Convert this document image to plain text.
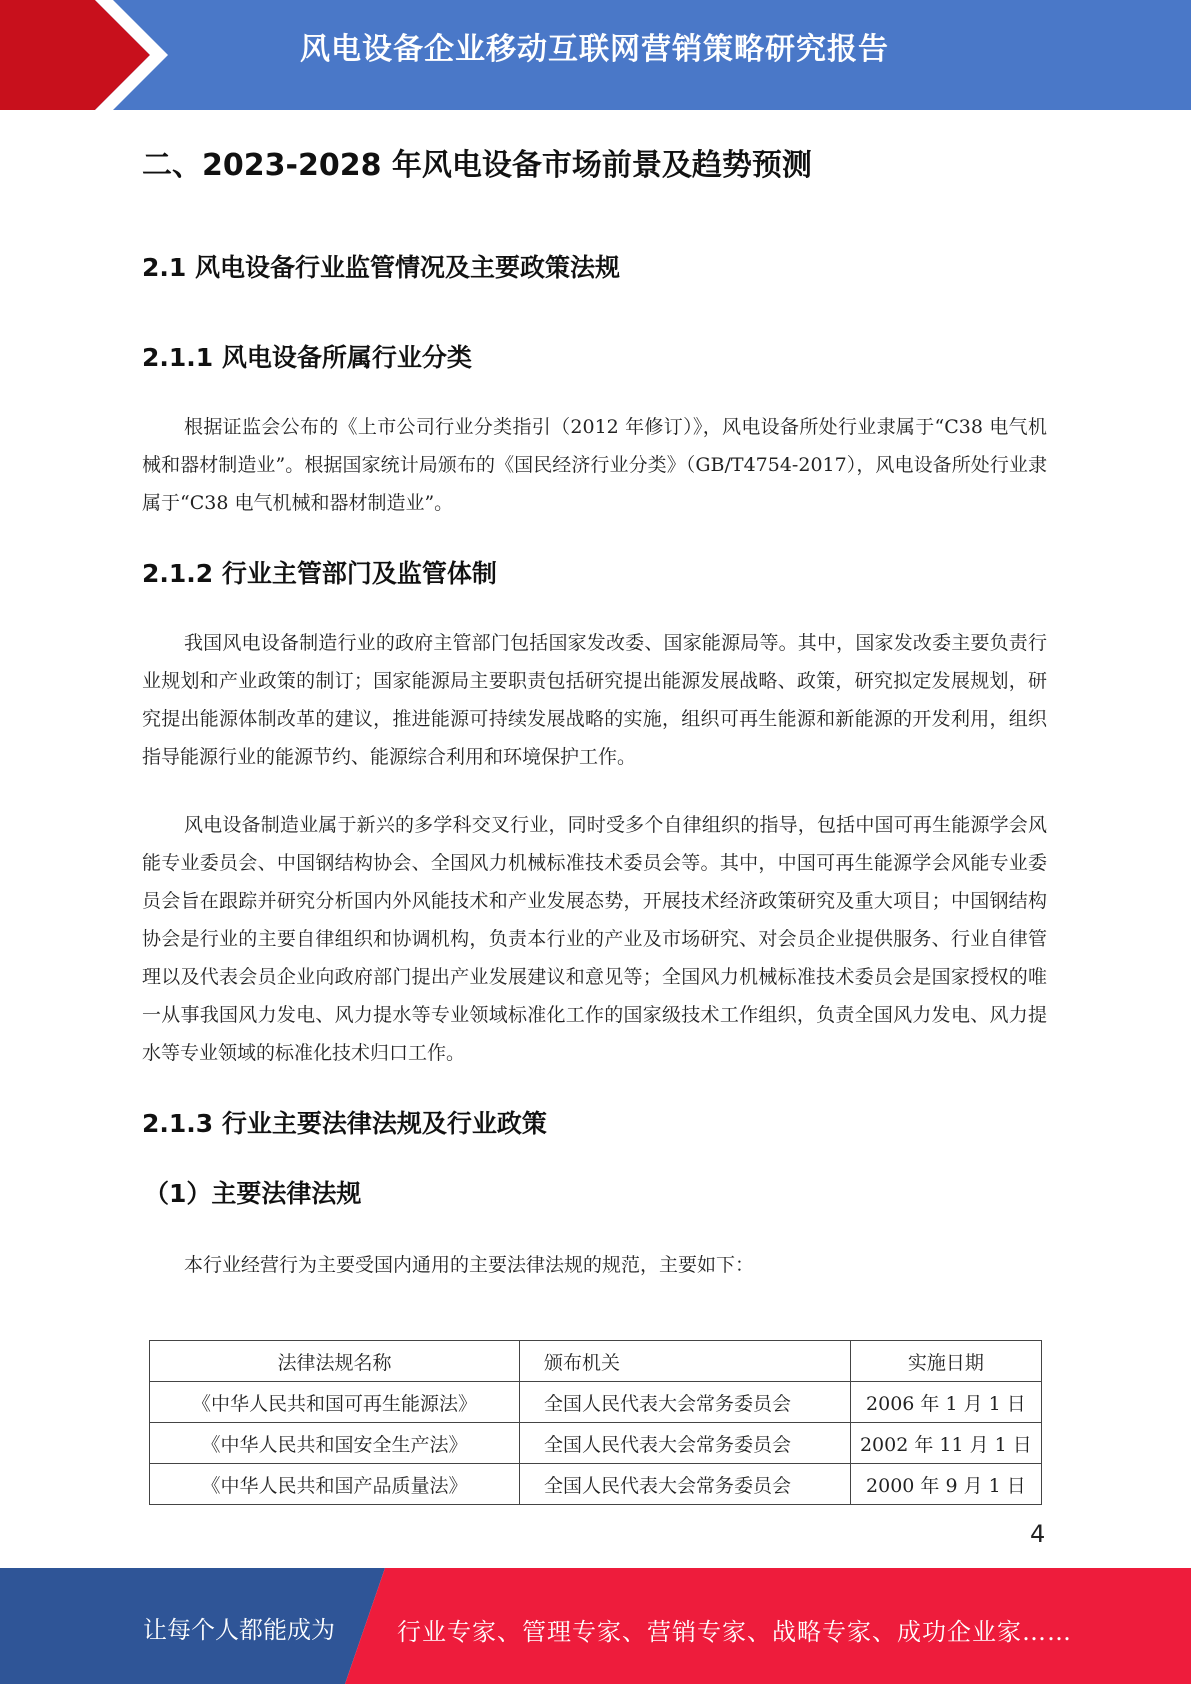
风电设备企业移动互联网营销策略研究报告
二、2023-2028 年风电设备市场前景及趋势预测
2.1 风电设备行业监管情况及主要政策法规
2.1.1 风电设备所属行业分类
根据证监会公布的《上市公司行业分类指引（2012 年修订）》，风电设备所处行业隶属于“C38 电气机械和器材制造业”。根据国家统计局颁布的《国民经济行业分类》（GB/T4754-2017），风电设备所处行业隶属于“C38 电气机械和器材制造业”。
2.1.2 行业主管部门及监管体制
我国风电设备制造行业的政府主管部门包括国家发改委、国家能源局等。其中，国家发改委主要负责行业规划和产业政策的制订；国家能源局主要职责包括研究提出能源发展战略、政策，研究拟定发展规划，研究提出能源体制改革的建议，推进能源可持续发展战略的实施，组织可再生能源和新能源的开发利用，组织指导能源行业的能源节约、能源综合利用和环境保护工作。
风电设备制造业属于新兴的多学科交叉行业，同时受多个自律组织的指导，包括中国可再生能源学会风能专业委员会、中国钢结构协会、全国风力机械标准技术委员会等。其中，中国可再生能源学会风能专业委员会旨在跟踪并研究分析国内外风能技术和产业发展态势，开展技术经济政策研究及重大项目；中国钢结构协会是行业的主要自律组织和协调机构，负责本行业的产业及市场研究、对会员企业提供服务、行业自律管理以及代表会员企业向政府部门提出产业发展建议和意见等；全国风力机械标准技术委员会是国家授权的唯一从事我国风力发电、风力提水等专业领域标准化工作的国家级技术工作组织，负责全国风力发电、风力提水等专业领域的标准化技术归口工作。
2.1.3 行业主要法律法规及行业政策
（1）主要法律法规
本行业经营行为主要受国内通用的主要法律法规的规范，主要如下：
法律法规名称	颁布机关	实施日期
《中华人民共和国可再生能源法》	全国人民代表大会常务委员会	2006 年 1 月 1 日
《中华人民共和国安全生产法》	全国人民代表大会常务委员会	2002 年 11 月 1 日
《中华人民共和国产品质量法》	全国人民代表大会常务委员会	2000 年 9 月 1 日
4
让每个人都能成为	行业专家、管理专家、营销专家、战略专家、成功企业家……
